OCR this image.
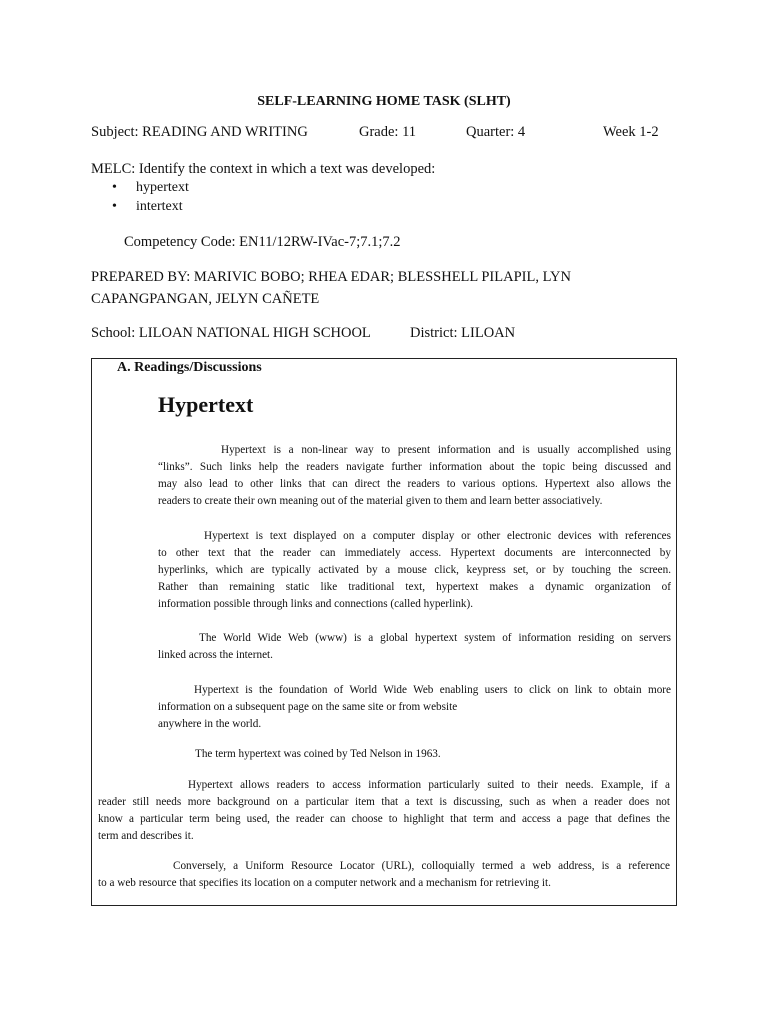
SELF-LEARNING HOME TASK (SLHT)
Subject: READING AND WRITING	Grade: 11	Quarter: 4	Week 1-2
MELC: Identify the context in which a text was developed:
• hypertext
• intertext
Competency Code: EN11/12RW-IVac-7;7.1;7.2
PREPARED BY: MARIVIC BOBO; RHEA EDAR; BLESSHELL PILAPIL, LYN
CAPANGPANGAN, JELYN CAÑETE
School: LILOAN NATIONAL HIGH SCHOOL	District: LILOAN
A. Readings/Discussions
Hypertext
Hypertext is a non-linear way to present information and is usually accomplished using
“links”. Such links help the readers navigate further information about the topic being discussed and
may also lead to other links that can direct the readers to various options. Hypertext also allows the
readers to create their own meaning out of the material given to them and learn better associatively.
Hypertext is text displayed on a computer display or other electronic devices with references
to other text that the reader can immediately access. Hypertext documents are interconnected by
hyperlinks, which are typically activated by a mouse click, keypress set, or by touching the screen.
Rather than remaining static like traditional text, hypertext makes a dynamic organization of
information possible through links and connections (called hyperlink).
The World Wide Web (www) is a global hypertext system of information residing on servers
linked across the internet.
Hypertext is the foundation of World Wide Web enabling users to click on link to obtain more
information on a subsequent page on the same site or from website
anywhere in the world.
The term hypertext was coined by Ted Nelson in 1963.
Hypertext allows readers to access information particularly suited to their needs. Example, if a
reader still needs more background on a particular item that a text is discussing, such as when a reader does not
know a particular term being used, the reader can choose to highlight that term and access a page that defines the
term and describes it.
Conversely, a Uniform Resource Locator (URL), colloquially termed a web address, is a reference
to a web resource that specifies its location on a computer network and a mechanism for retrieving it.
